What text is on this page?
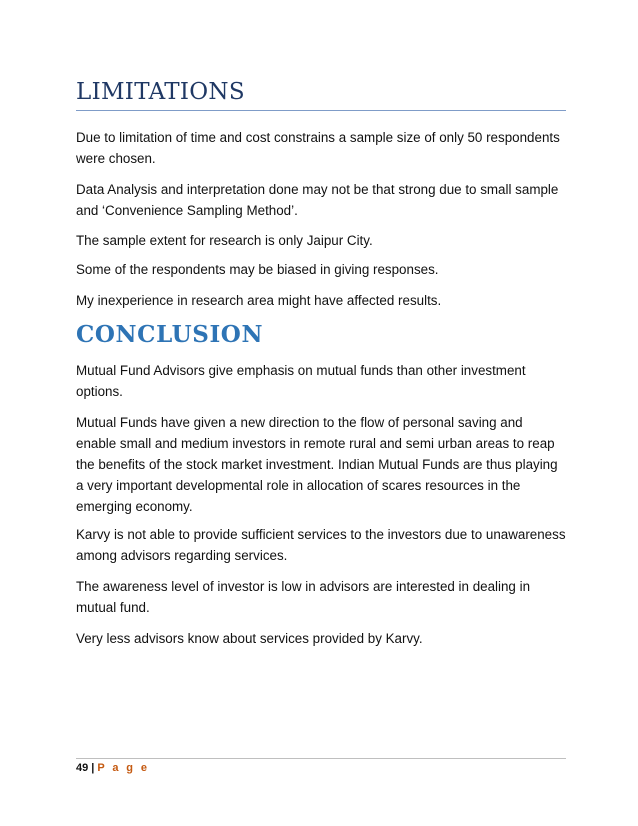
LIMITATIONS
Due to limitation of time and cost constrains a sample size of only 50 respondents were chosen.
Data Analysis and interpretation done may not be that strong due to small sample and ‘Convenience Sampling Method’.
The sample extent for research is only Jaipur City.
Some of the respondents may be biased in giving responses.
My inexperience in research area might have affected results.
CONCLUSION
Mutual Fund Advisors give emphasis on mutual funds than other investment options.
Mutual Funds have given a new direction to the flow of personal saving and enable small and medium investors in remote rural and semi urban areas to reap the benefits of the stock market investment. Indian Mutual Funds are thus playing a very important developmental role in allocation of scares resources in the emerging economy.
Karvy is not able to provide sufficient services to the investors due to unawareness among advisors regarding services.
The awareness level of investor is low in advisors are interested in dealing in mutual fund.
Very less advisors know about services provided by Karvy.
49 | P a g e
